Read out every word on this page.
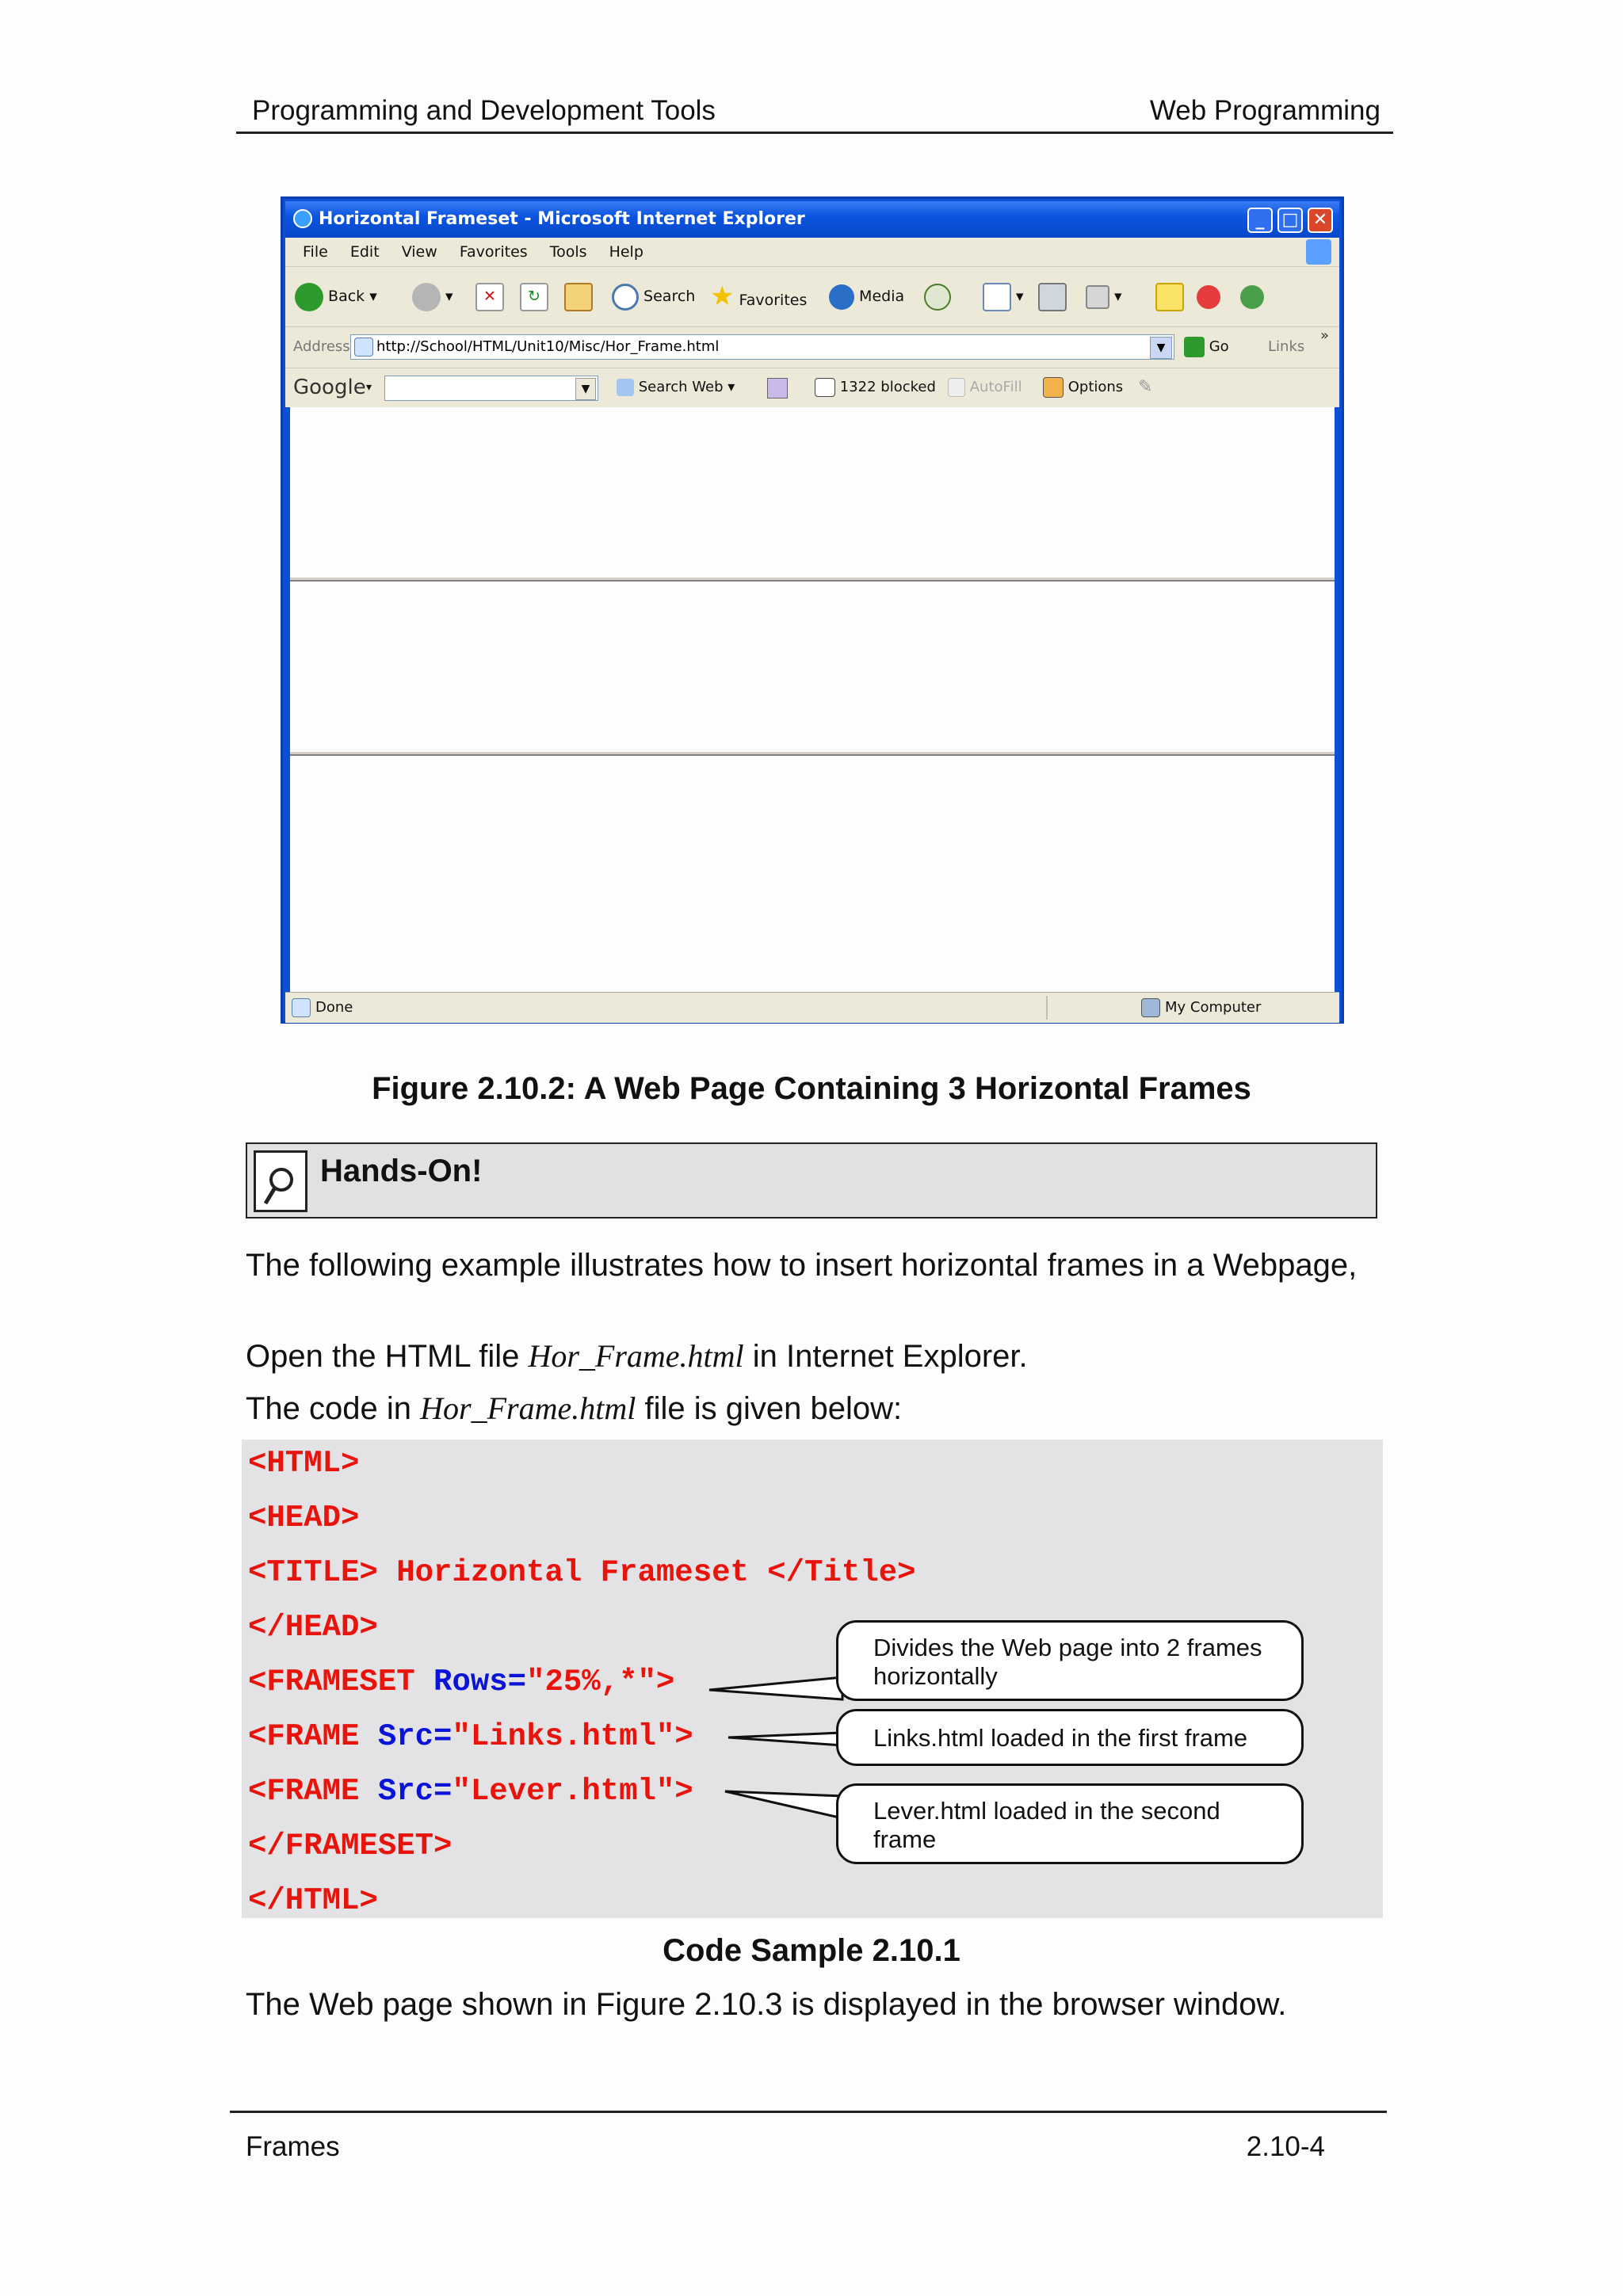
Programming and Development Tools	Web Programming
Horizontal Frameset - Microsoft Internet Explorer	_	□ ✕
File Edit View Favorites Tools Help
Back ▾	▾	✕	↻	Search ★ Favorites	Media	▾	▾
Address	http://School/HTML/Unit10/Misc/Hor_Frame.html	▼	Go	Links
»
Google ▾	▼	Search Web ▾	1322 blocked	AutoFill	Options ✎
Done	My Computer
Figure 2.10.2: A Web Page Containing 3 Horizontal Frames
Hands-On!
The following example illustrates how to insert horizontal frames in a Webpage,
Open the HTML file Hor_Frame.html in Internet Explorer.
The code in Hor_Frame.html file is given below:
<HTML>
<HEAD>
<TITLE> Horizontal Frameset </Title>
</HEAD>
<FRAMESET Rows="25%,*">
<FRAME Src="Links.html">
<FRAME Src="Lever.html">
</FRAMESET>
</HTML>
Divides the Web page into 2 frames
horizontally
Links.html loaded in the first frame
Lever.html loaded in the second
frame
Code Sample 2.10.1
The Web page shown in Figure 2.10.3 is displayed in the browser window.
Frames	2.10-4
